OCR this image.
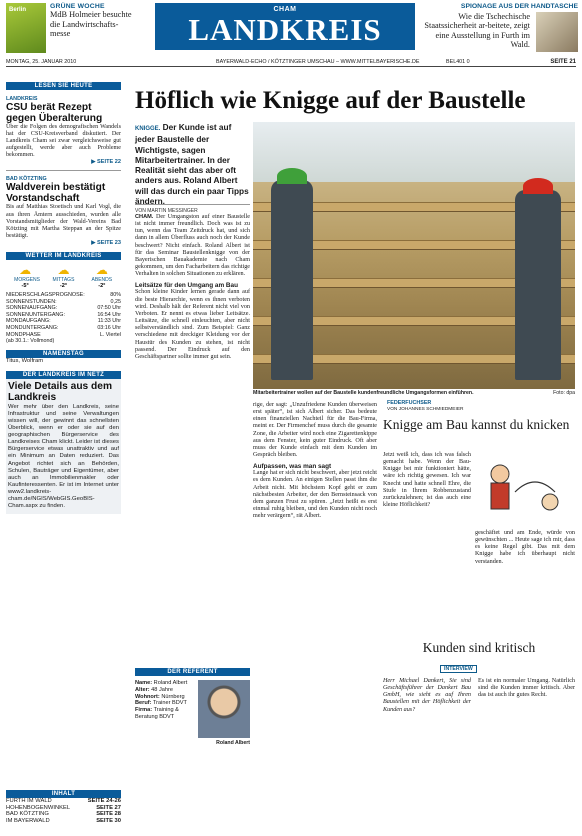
Berlin	GRÜNE WOCHE
MdB Holmeier besuchte die Landwirtschafts-messe
CHAM
LANDKREIS
SPIONAGE AUS DER HANDTASCHE
Wie die Tschechische Staatssicherheit ar-beitete, zeigt eine Ausstellung in Furth im Wald.
MONTAG, 25. JANUAR 2010	BAYERWALD-ECHO / KÖTZTINGER UMSCHAU – WWW.MITTELBAYERISCHE.DE	BEL401 0	SEITE 21
LESEN SIE HEUTE
LANDKREIS
CSU berät Rezept gegen Überalterung
Über die Folgen des demografischen Wandels hat der CSU-Kreisverband diskutiert. Der Landkreis Cham sei zwar vergleichsweise gut aufgestellt, werde aber auch Probleme bekommen.
▶ SEITE 22
BAD KÖTZTING
Waldverein bestätigt Vorstandschaft
Bis auf Matthias Stoetisch und Karl Vogl, die aus ihren Ämtern ausschieden, wurden alle Vorstandsmitglieder der Wald-Vereins Bad Kötzting mit Martha Steppan an der Spitze bestätigt.
▶ SEITE 23
WETTER IM LANDKREIS
☁
MORGENS
-5°
☁
MITTAGS
-2°
☁
ABENDS
-2°
NIEDERSCHLAGSPROGNOSE:	80%
SONNENSTUNDEN:	0,25
SONNENAUFGANG:	07:50 Uhr
SONNENUNTERGANG:	16:54 Uhr
MONDAUFGANG:	11:33 Uhr
MONDUNTERGANG:	03:16 Uhr
MONDPHASE	L. Viertel
(ab 30.1.: Vollmond)	
NAMENSTAG
Titus, Wolfram
DER LANDKREIS IM NETZ
Viele Details aus dem Landkreis
Wer mehr über den Landkreis, seine Infrastruktur und seine Verwaltungen wissen will, der gewinnt das schnellsten Überblick, wenn er oder sie auf den geographischen Bürgerservice des Landkreises Cham klickt. Leider ist dieses Bürgerservice etwas unattraktiv und auf ein Minimum an Daten reduziert. Das Angebot richtet sich an Behörden, Schulen, Bauträger und Eigentümer, aber auch an Immobilienmakler oder Kaufinteressenten. Er ist im Internet unter www2.landkreis-cham.de/NGIS/WebGIS.GeoBIS-Cham.aspx zu finden.
INHALT
FURTH IM WALD	SEITE 24-26
HOHENBOGENWINKEL	SEITE 27
BAD KÖTZTING	SEITE 28
IM BAYERWALD	SEITE 30
Höflich wie Knigge auf der Baustelle
KNIGGE. Der Kunde ist auf jeder Baustelle der Wichtigste, sagen Mitarbeitertrainer. In der Realität sieht das aber oft anders aus. Roland Albert will das durch ein paar Tipps ändern.
VON MARTIN MESSINGER

CHAM. Der Umgangston auf einer Baustelle ist nicht immer freundlich. Doch was ist zu tun, wenn das Team Zeitdruck hat, und sich dann in allem Überfluss auch noch der Kunde beschwert? Nicht einfach. Roland Albert ist für das Seminar Baustellenknigge von der Bayerischen Bauakademie nach Cham gekommen, um den Facharbeitern das richtige Verhalten in solchen Situationen zu erklären.

Leitsätze für den Umgang am Bau

Schon kleine Kinder lernen gerade dann auf die beste Hierarchie, wenn es ihnen verboten wird. Deshalb hält der Referent nicht viel von Verboten. Er nennt es etwas lieber Leitsätze. Leitsätze, die schnell einleuchten, aber nicht selbstverständlich sind. Zum Beispiel: Ganz verschiedene mit dreckiger Kleidung vor der Haustür des Kunden zu stehen, ist nicht passend. Der Eindruck auf den Geschäftspartner sollte immer gut sein.

Mitarbeitertrainer wollen auf der Baustelle kundenfreundliche Umgangsformen einführen.	Foto: dpa

rige, der sagt: „Unzufriedene Kunden überweisen erst später“, ist sich Albert sicher. Das bedeute einen finanziellen Nachteil für die Bau-Firma, meint er. Der Firmenchef muss durch die gesamte Zone, die Arbeiter wird noch eine Zigarettenkippe aus dem Fenster, kein guter Eindruck. Oft aber muss der Kunde einfach mit dem Kunden im Gespräch bleiben.

Aufpassen, was man sagt

Lange hat er sich nicht beschwert, aber jetzt reicht es dem Kunden. An einigen Stellen passt ihm die Arbeit nicht. Mit höchstem Kopf geht er zum nächstbesten Arbeiter, der den Bernsteinsack von dem ganzen Frust zu spüren. „Jetzt heißt es erst einmal ruhig bleiben, und den Kunden nicht noch mehr verärgern“, rät Albert.

FEDERFUCHSER
VON JOHANNES SCHMIEDMEIER
Knigge am Bau kannst du knicken

Jetzt weiß ich, dass ich was falsch gemacht habe. Wenn der Bau-Knigge bei mir funktioniert hätte, wäre ich richtig gewesen. Ich war Knecht und hatte schnell Ehre, die Stufe in Ihrem Robbenzustand zurückzulehnen; ist das auch eine kleine Höflichkeit?

geschäftet und am Ende, würde von gewünschten ... Heute sage ich mir, dass es keine Regel gibt. Das mit dem Knigge habe ich überhaupt nicht verstanden.

Kunden sind kritisch
INTERVIEW

Herr Michael Dankert, Sie sind Geschäftsführer der Dankert Bau GmbH, wie sieht es auf Ihren Baustellen mit der Höflichkeit der Kunden aus?

Es ist ein normaler Umgang. Natürlich sind die Kunden immer kritisch. Aber das ist auch ihr gutes Recht.

DER REFERENT
Name: Roland Albert
Alter: 48 Jahre
Wohnort: Nürnberg
Beruf: Trainer BDVT
Firma: Training & Beratung BDVT
Roland Albert
